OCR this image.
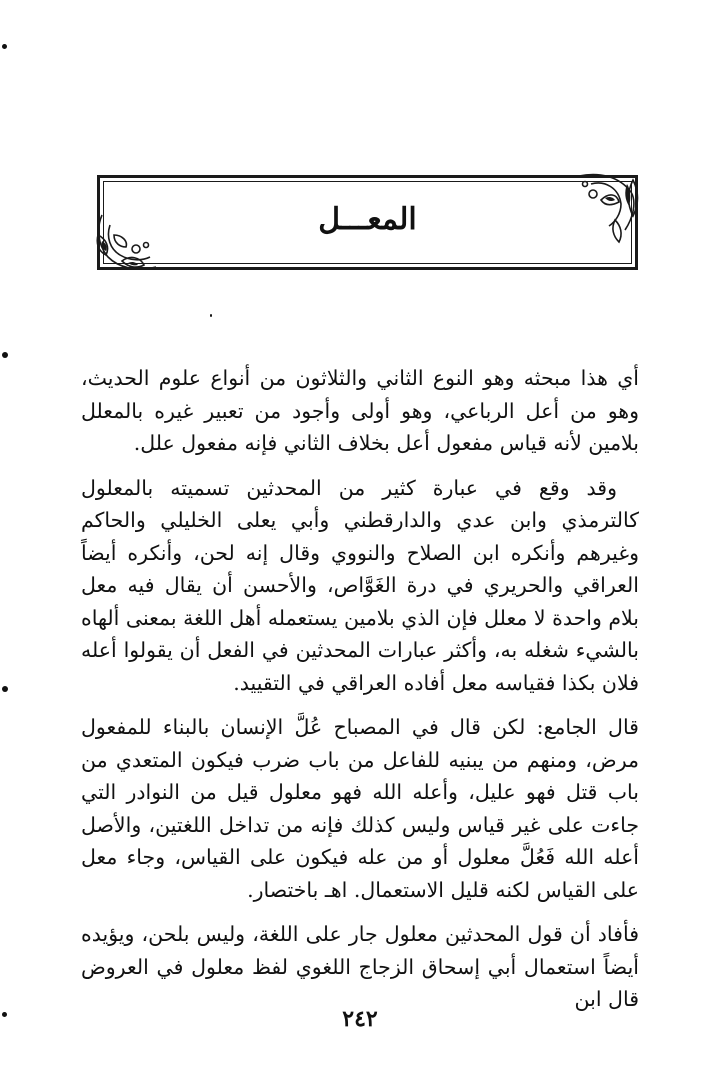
المعـــل

أي هذا مبحثه وهو النوع الثاني والثلاثون من أنواع علوم الحديث، وهو من أعل الرباعي، وهو أولى وأجود من تعبير غيره بالمعلل بلامين لأنه قياس مفعول أعل بخلاف الثاني فإنه مفعول علل.

وقد وقع في عبارة كثير من المحدثين تسميته بالمعلول كالترمذي وابن عدي والدارقطني وأبي يعلى الخليلي والحاكم وغيرهم وأنكره ابن الصلاح والنووي وقال إنه لحن، وأنكره أيضاً العراقي والحريري في درة الغَوَّاص، والأحسن أن يقال فيه معل بلام واحدة لا معلل فإن الذي بلامين يستعمله أهل اللغة بمعنى ألهاه بالشيء شغله به، وأكثر عبارات المحدثين في الفعل أن يقولوا أعله فلان بكذا فقياسه معل أفاده العراقي في التقييد.

قال الجامع: لكن قال في المصباح عُلَّ الإنسان بالبناء للمفعول مرض، ومنهم من يبنيه للفاعل من باب ضرب فيكون المتعدي من باب قتل فهو عليل، وأعله الله فهو معلول قيل من النوادر التي جاءت على غير قياس وليس كذلك فإنه من تداخل اللغتين، والأصل أعله الله فَعُلَّ معلول أو من عله فيكون على القياس، وجاء معل على القياس لكنه قليل الاستعمال. اهـ باختصار.

فأفاد أن قول المحدثين معلول جار على اللغة، وليس بلحن، ويؤيده أيضاً استعمال أبي إسحاق الزجاج اللغوي لفظ معلول في العروض قال ابن

٢٤٢
